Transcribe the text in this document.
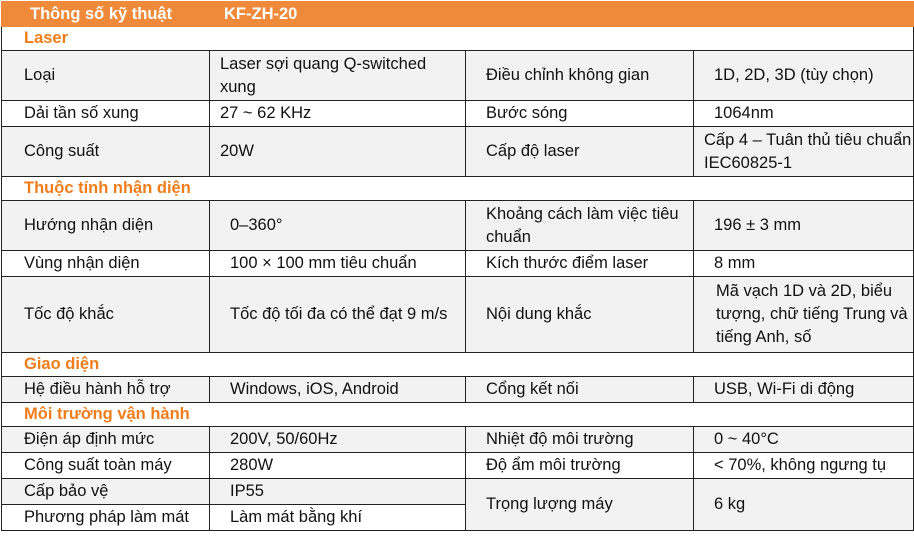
Thông số kỹ thuật	KF-ZH-20		
Laser			
Loại	Laser sợi quang Q-switched xung	Điều chỉnh không gian	1D, 2D, 3D (tùy chọn)
Dải tần số xung	27 ~ 62 KHz	Bước sóng	1064nm
Công suất	20W	Cấp độ laser	Cấp 4 – Tuân thủ tiêu chuẩn IEC60825-1
Thuộc tính nhận diện			
Hướng nhận diện	0–360°	Khoảng cách làm việc tiêu chuẩn	196 ± 3 mm
Vùng nhận diện	100 × 100 mm tiêu chuẩn	Kích thước điểm laser	8 mm
Tốc độ khắc	Tốc độ tối đa có thể đạt 9 m/s	Nội dung khắc	Mã vạch 1D và 2D, biểu tượng, chữ tiếng Trung và tiếng Anh, số
Giao diện			
Hệ điều hành hỗ trợ	Windows, iOS, Android	Cổng kết nối	USB, Wi-Fi di động
Môi trường vận hành			
Điện áp định mức	200V, 50/60Hz	Nhiệt độ môi trường	0 ~ 40°C
Công suất toàn máy	280W	Độ ẩm môi trường	< 70%, không ngưng tụ
Cấp bảo vệ	IP55	Trọng lượng máy	6 kg
Phương pháp làm mát	Làm mát bằng khí		
